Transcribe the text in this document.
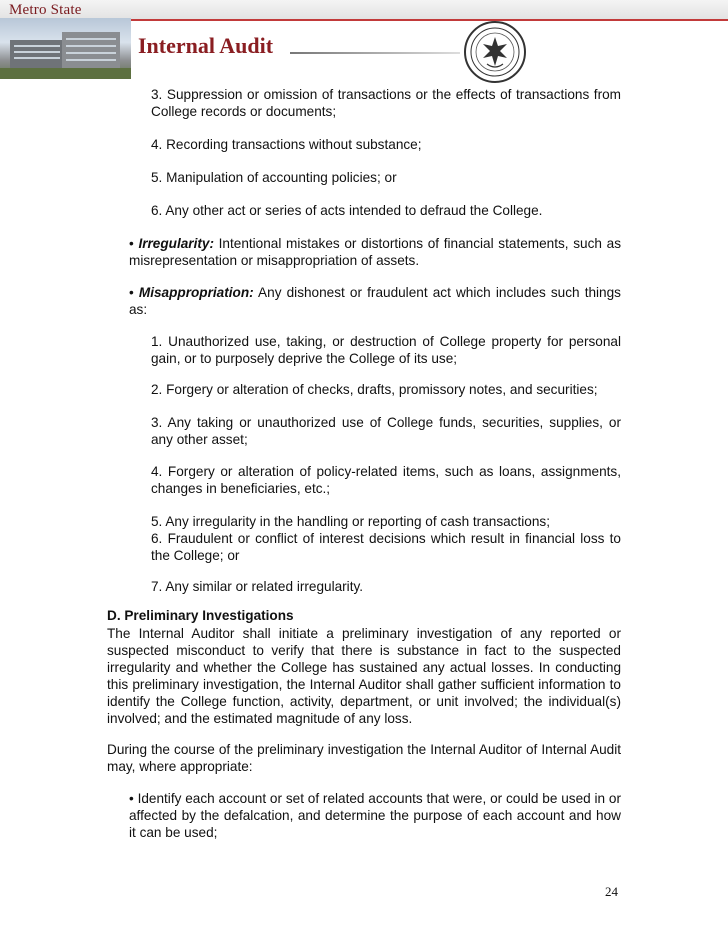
Metro State
Internal Audit

3. Suppression or omission of transactions or the effects of transactions from College records or documents;

4. Recording transactions without substance;

5. Manipulation of accounting policies; or

6. Any other act or series of acts intended to defraud the College.

• Irregularity: Intentional mistakes or distortions of financial statements, such as misrepresentation or misappropriation of assets.

• Misappropriation: Any dishonest or fraudulent act which includes such things as:

1. Unauthorized use, taking, or destruction of College property for personal gain, or to purposely deprive the College of its use;

2. Forgery or alteration of checks, drafts, promissory notes, and securities;

3. Any taking or unauthorized use of College funds, securities, supplies, or any other asset;

4. Forgery or alteration of policy-related items, such as loans, assignments, changes in beneficiaries, etc.;

5. Any irregularity in the handling or reporting of cash transactions;

6. Fraudulent or conflict of interest decisions which result in financial loss to the College; or

7. Any similar or related irregularity.

D. Preliminary Investigations

The Internal Auditor shall initiate a preliminary investigation of any reported or suspected misconduct to verify that there is substance in fact to the suspected irregularity and whether the College has sustained any actual losses. In conducting this preliminary investigation, the Internal Auditor shall gather sufficient information to identify the College function, activity, department, or unit involved; the individual(s) involved; and the estimated magnitude of any loss.

During the course of the preliminary investigation the Internal Auditor of Internal Audit may, where appropriate:

• Identify each account or set of related accounts that were, or could be used in or affected by the defalcation, and determine the purpose of each account and how it can be used;

24
